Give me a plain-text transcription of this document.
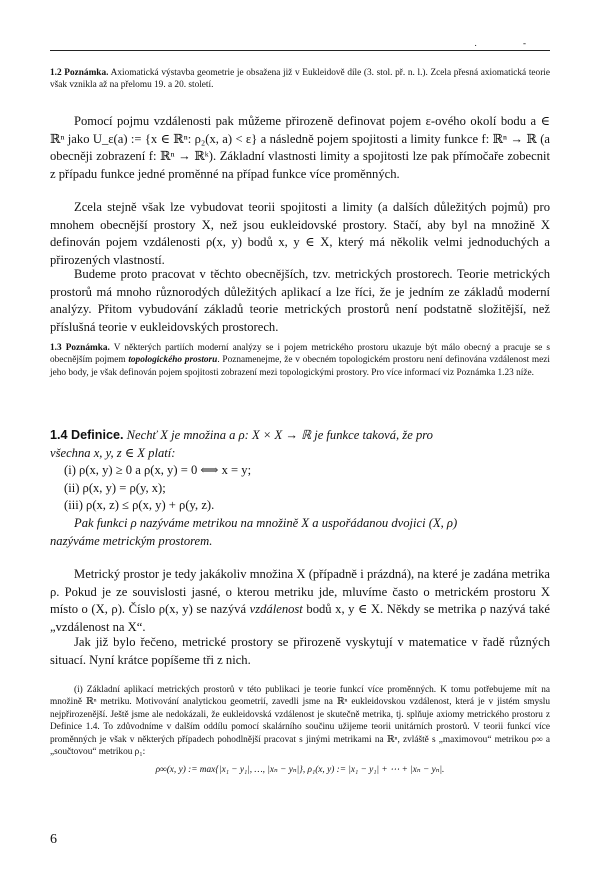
. -
1.2 Poznámka. Axiomatická výstavba geometrie je obsažena již v Eukleidově díle (3. stol. př. n. l.). Zcela přesná axiomatická teorie však vznikla až na přelomu 19. a 20. století.
Pomocí pojmu vzdálenosti pak můžeme přirozeně definovat pojem ε-ového okolí bodu a ∈ ℝⁿ jako U_ε(a) := {x ∈ ℝⁿ: ρ₂(x, a) < ε} a následně pojem spojitosti a limity funkce f: ℝⁿ → ℝ (a obecněji zobrazení f: ℝⁿ → ℝᵏ). Základní vlastnosti limity a spojitosti lze pak přímočaře zobecnit z případu funkce jedné proměnné na případ funkce více proměnných.
Zcela stejně však lze vybudovat teorii spojitosti a limity (a dalších důležitých pojmů) pro mnohem obecnější prostory X, než jsou eukleidovské prostory. Stačí, aby byl na množině X definován pojem vzdálenosti ρ(x, y) bodů x, y ∈ X, který má několik velmi jednoduchých a přirozených vlastností.
Budeme proto pracovat v těchto obecnějších, tzv. metrických prostorech. Teorie metrických prostorů má mnoho různorodých důležitých aplikací a lze říci, že je jedním ze základů moderní analýzy. Přitom vybudování základů teorie metrických prostorů není podstatně složitější, než příslušná teorie v eukleidovských prostorech.
1.3 Poznámka. V některých partiích moderní analýzy se i pojem metrického prostoru ukazuje být málo obecný a pracuje se s obecnějším pojmem topologického prostoru. Poznamenejme, že v obecném topologickém prostoru není definována vzdálenost mezi jeho body, je však definován pojem spojitosti zobrazení mezi topologickými prostory. Pro více informací viz Poznámka 1.23 níže.
1.4 Definice. Nechť X je množina a ρ: X × X → ℝ je funkce taková, že pro
všechna x, y, z ∈ X platí:
(i) ρ(x, y) ≥ 0 a ρ(x, y) = 0 ⟺ x = y;
(ii) ρ(x, y) = ρ(y, x);
(iii) ρ(x, z) ≤ ρ(x, y) + ρ(y, z).
Pak funkci ρ nazýváme metrikou na množině X a uspořádanou dvojici (X, ρ)
nazýváme metrickým prostorem.
Metrický prostor je tedy jakákoliv množina X (případně i prázdná), na které je zadána metrika ρ. Pokud je ze souvislosti jasné, o kterou metriku jde, mluvíme často o metrickém prostoru X místo o (X, ρ). Číslo ρ(x, y) se nazývá vzdálenost bodů x, y ∈ X. Někdy se metrika ρ nazývá také „vzdálenost na X“.
Jak již bylo řečeno, metrické prostory se přirozeně vyskytují v matematice v řadě různých situací. Nyní krátce popíšeme tři z nich.
(i) Základní aplikací metrických prostorů v této publikaci je teorie funkcí více proměnných. K tomu potřebujeme mít na množině ℝⁿ metriku. Motivování analytickou geometrií, zavedli jsme na ℝⁿ eukleidovskou vzdálenost, která je v jistém smyslu nejpřirozenější. Ještě jsme ale nedokázali, že eukleidovská vzdálenost je skutečně metrika, tj. splňuje axiomy metrického prostoru z Definice 1.4. To zdůvodníme v dalším oddílu pomocí skalárního součinu užijeme teorii unitárních prostorů. V teorii funkcí více proměnných je však v některých případech pohodlnější pracovat s jinými metrikami na ℝⁿ, zvláště s „maximovou“ metrikou ρ∞ a „součtovou“ metrikou ρ₁:
ρ∞(x, y) := max{|x₁ − y₁|, …, |xₙ − yₙ|}, ρ₁(x, y) := |x₁ − y₁| + ⋯ + |xₙ − yₙ|.
6
